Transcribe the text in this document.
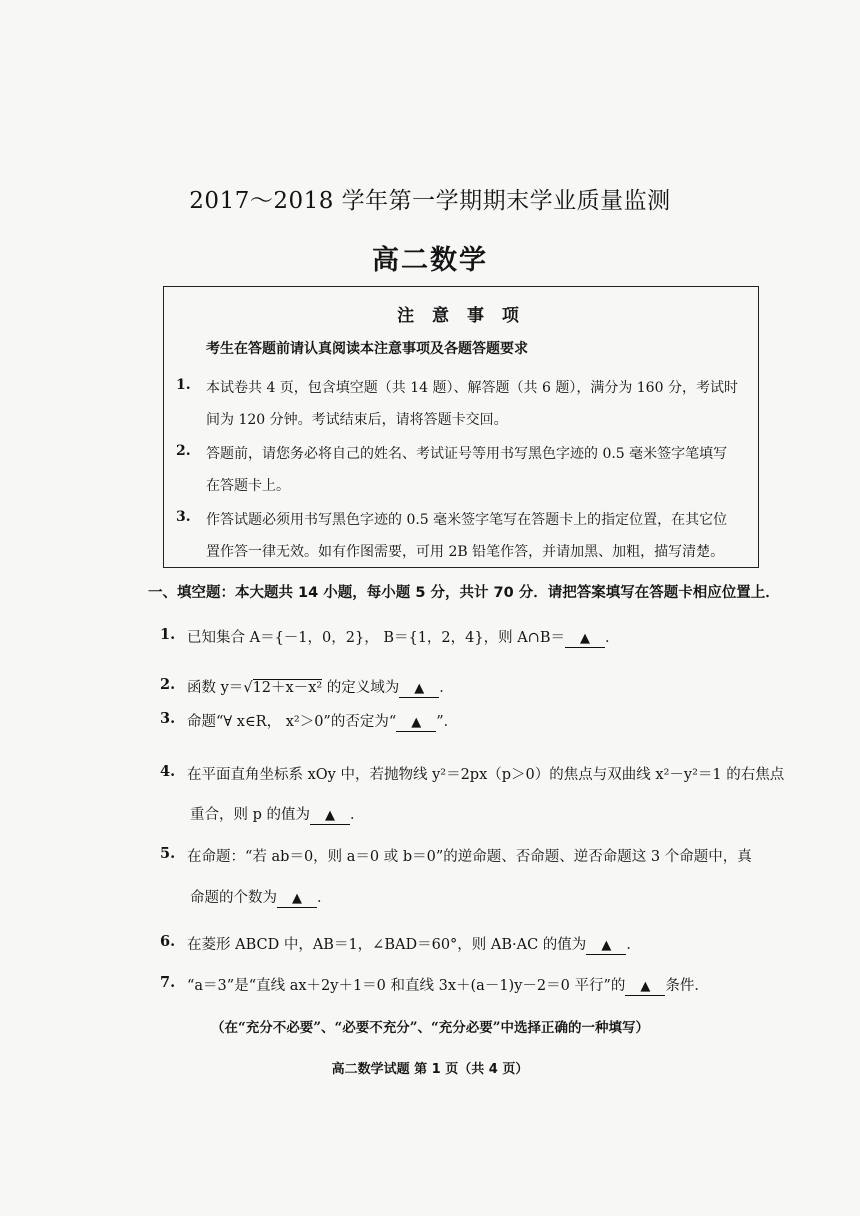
2017～2018 学年第一学期期末学业质量监测
高二数学
注 意 事 项
考生在答题前请认真阅读本注意事项及各题答题要求
1. 本试卷共 4 页，包含填空题（共 14 题）、解答题（共 6 题），满分为 160 分，考试时
间为 120 分钟。考试结束后，请将答题卡交回。
2. 答题前，请您务必将自己的姓名、考试证号等用书写黑色字迹的 0.5 毫米签字笔填写
在答题卡上。
3. 作答试题必须用书写黑色字迹的 0.5 毫米签字笔写在答题卡上的指定位置，在其它位
置作答一律无效。如有作图需要，可用 2B 铅笔作答，并请加黑、加粗，描写清楚。
一、填空题：本大题共 14 小题，每小题 5 分，共计 70 分．请把答案填写在答题卡相应位置上．
1. 已知集合 A＝{－1，0，2}， B＝{1，2，4}，则 A∩B＝ ▲ ．
2. 函数 y＝√12＋x－x² 的定义域为 ▲ ．
3. 命题“∀ x∈R， x²＞0”的否定为“ ▲ ”．
4. 在平面直角坐标系 xOy 中，若抛物线 y²＝2px（p＞0）的焦点与双曲线 x²－y²＝1 的右焦点
重合，则 p 的值为 ▲ ．
5. 在命题：“若 ab＝0，则 a＝0 或 b＝0”的逆命题、否命题、逆否命题这 3 个命题中，真
命题的个数为 ▲ ．
6. 在菱形 ABCD 中，AB＝1，∠BAD＝60°，则 AB·AC 的值为 ▲ ．
7. “a＝3”是“直线 ax＋2y＋1＝0 和直线 3x＋(a－1)y－2＝0 平行”的 ▲ 条件．
（在“充分不必要”、“必要不充分”、“充分必要”中选择正确的一种填写）
高二数学试题 第 1 页（共 4 页）
